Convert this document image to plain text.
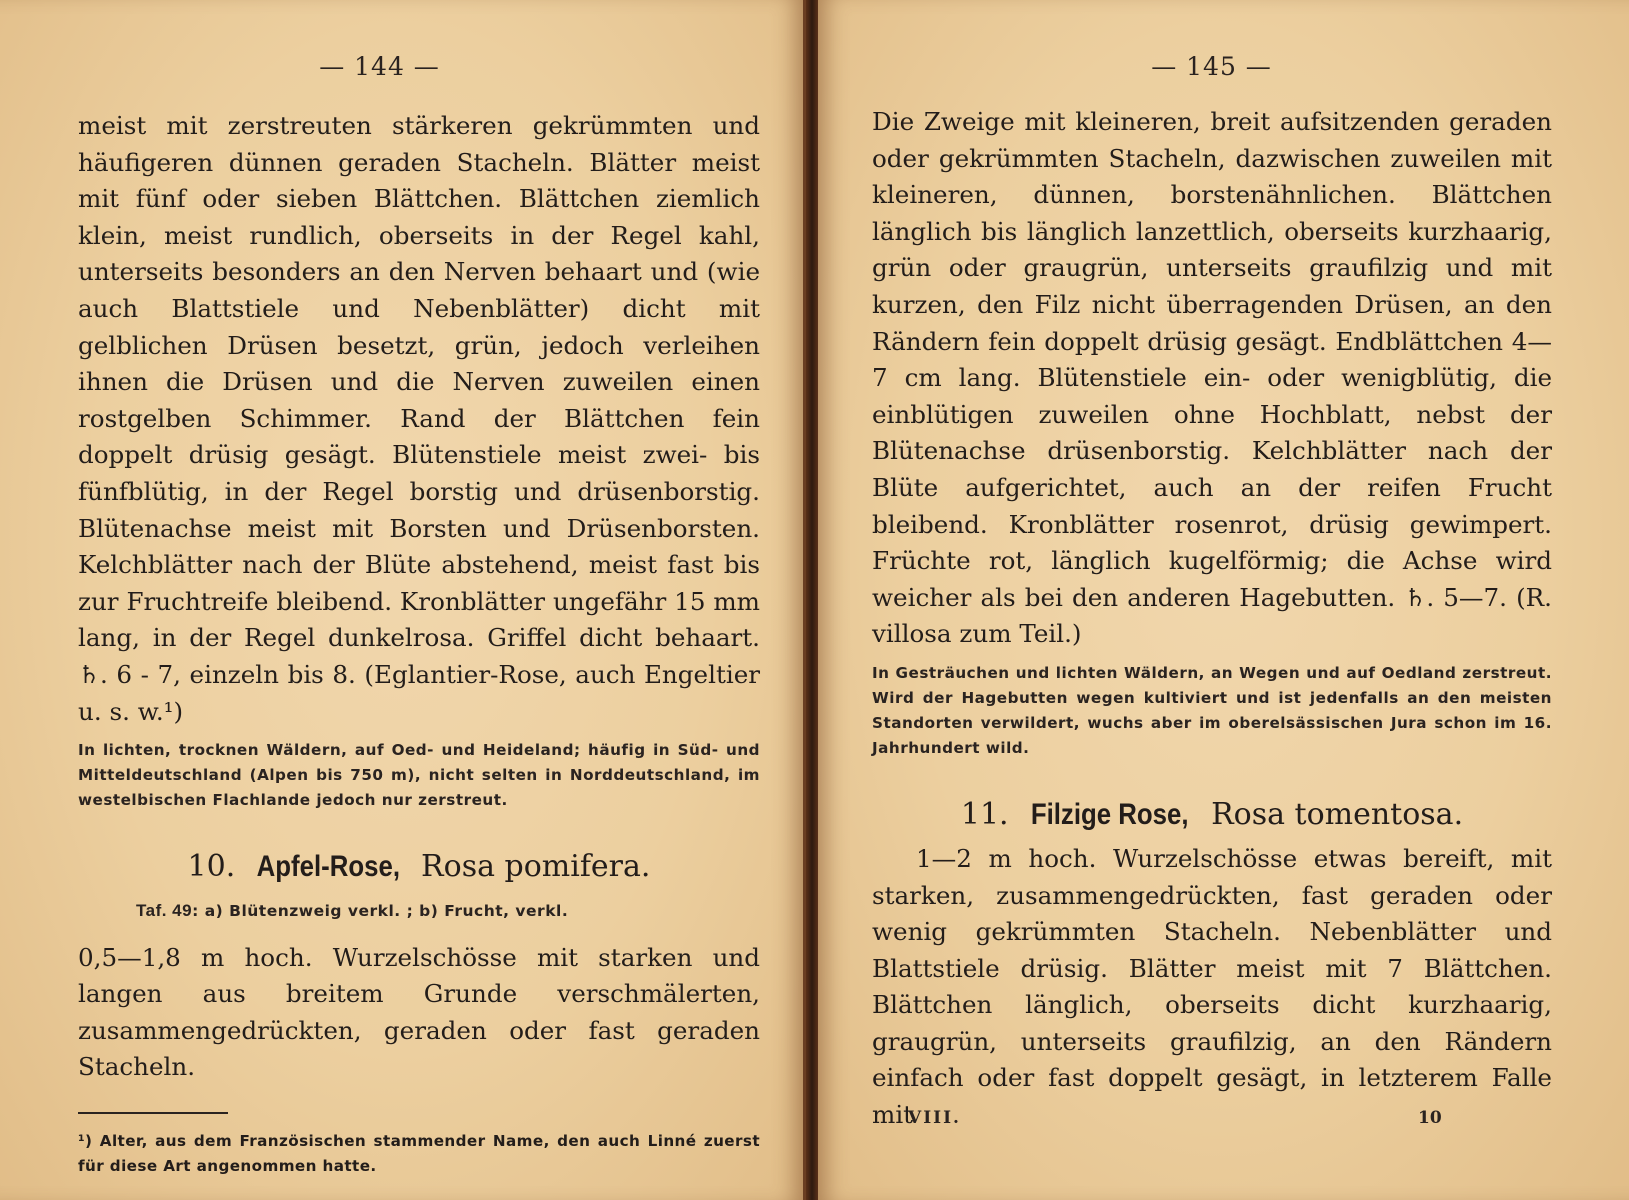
— 144 —

meist mit zerstreuten stärkeren gekrümmten und häufigeren dünnen geraden Stacheln. Blätter meist mit fünf oder sieben Blättchen. Blättchen ziemlich klein, meist rundlich, oberseits in der Regel kahl, unterseits besonders an den Nerven behaart und (wie auch Blattstiele und Nebenblätter) dicht mit gelblichen Drüsen besetzt, grün, jedoch verleihen ihnen die Drüsen und die Nerven zuweilen einen rostgelben Schimmer. Rand der Blättchen fein doppelt drüsig gesägt. Blütenstiele meist zwei- bis fünfblütig, in der Regel borstig und drüsenborstig. Blütenachse meist mit Borsten und Drüsenborsten. Kelchblätter nach der Blüte abstehend, meist fast bis zur Fruchtreife bleibend. Kronblätter ungefähr 15 mm lang, in der Regel dunkelrosa. Griffel dicht behaart. ♄. 6 - 7, einzeln bis 8. (Eglantier-Rose, auch Engeltier u. s. w.¹)

In lichten, trocknen Wäldern, auf Oed- und Heideland; häufig in Süd- und Mitteldeutschland (Alpen bis 750 m), nicht selten in Norddeutschland, im westelbischen Flachlande jedoch nur zerstreut.

10. Apfel-Rose, Rosa pomifera.
Taf. 49: a) Blütenzweig verkl. ; b) Frucht, verkl.

0,5—1,8 m hoch. Wurzelschösse mit starken und langen aus breitem Grunde verschmälerten, zusammengedrückten, geraden oder fast geraden Stacheln.

¹) Alter, aus dem Französischen stammender Name, den auch Linné zuerst für diese Art angenommen hatte.

— 145 —

Die Zweige mit kleineren, breit aufsitzenden geraden oder gekrümmten Stacheln, dazwischen zuweilen mit kleineren, dünnen, borstenähnlichen. Blättchen länglich bis länglich lanzettlich, oberseits kurzhaarig, grün oder graugrün, unterseits graufilzig und mit kurzen, den Filz nicht überragenden Drüsen, an den Rändern fein doppelt drüsig gesägt. Endblättchen 4—7 cm lang. Blütenstiele ein- oder wenigblütig, die einblütigen zuweilen ohne Hochblatt, nebst der Blütenachse drüsenborstig. Kelchblätter nach der Blüte aufgerichtet, auch an der reifen Frucht bleibend. Kronblätter rosenrot, drüsig gewimpert. Früchte rot, länglich kugelförmig; die Achse wird weicher als bei den anderen Hagebutten. ♄. 5—7. (R. villosa zum Teil.)

In Gesträuchen und lichten Wäldern, an Wegen und auf Oedland zerstreut. Wird der Hagebutten wegen kultiviert und ist jedenfalls an den meisten Standorten verwildert, wuchs aber im oberelsässischen Jura schon im 16. Jahrhundert wild.

11. Filzige Rose, Rosa tomentosa.

1—2 m hoch. Wurzelschösse etwas bereift, mit starken, zusammengedrückten, fast geraden oder wenig gekrümmten Stacheln. Nebenblätter und Blattstiele drüsig. Blätter meist mit 7 Blättchen. Blättchen länglich, oberseits dicht kurzhaarig, graugrün, unterseits graufilzig, an den Rändern einfach oder fast doppelt gesägt, in letzterem Falle mit

VIII.	10
